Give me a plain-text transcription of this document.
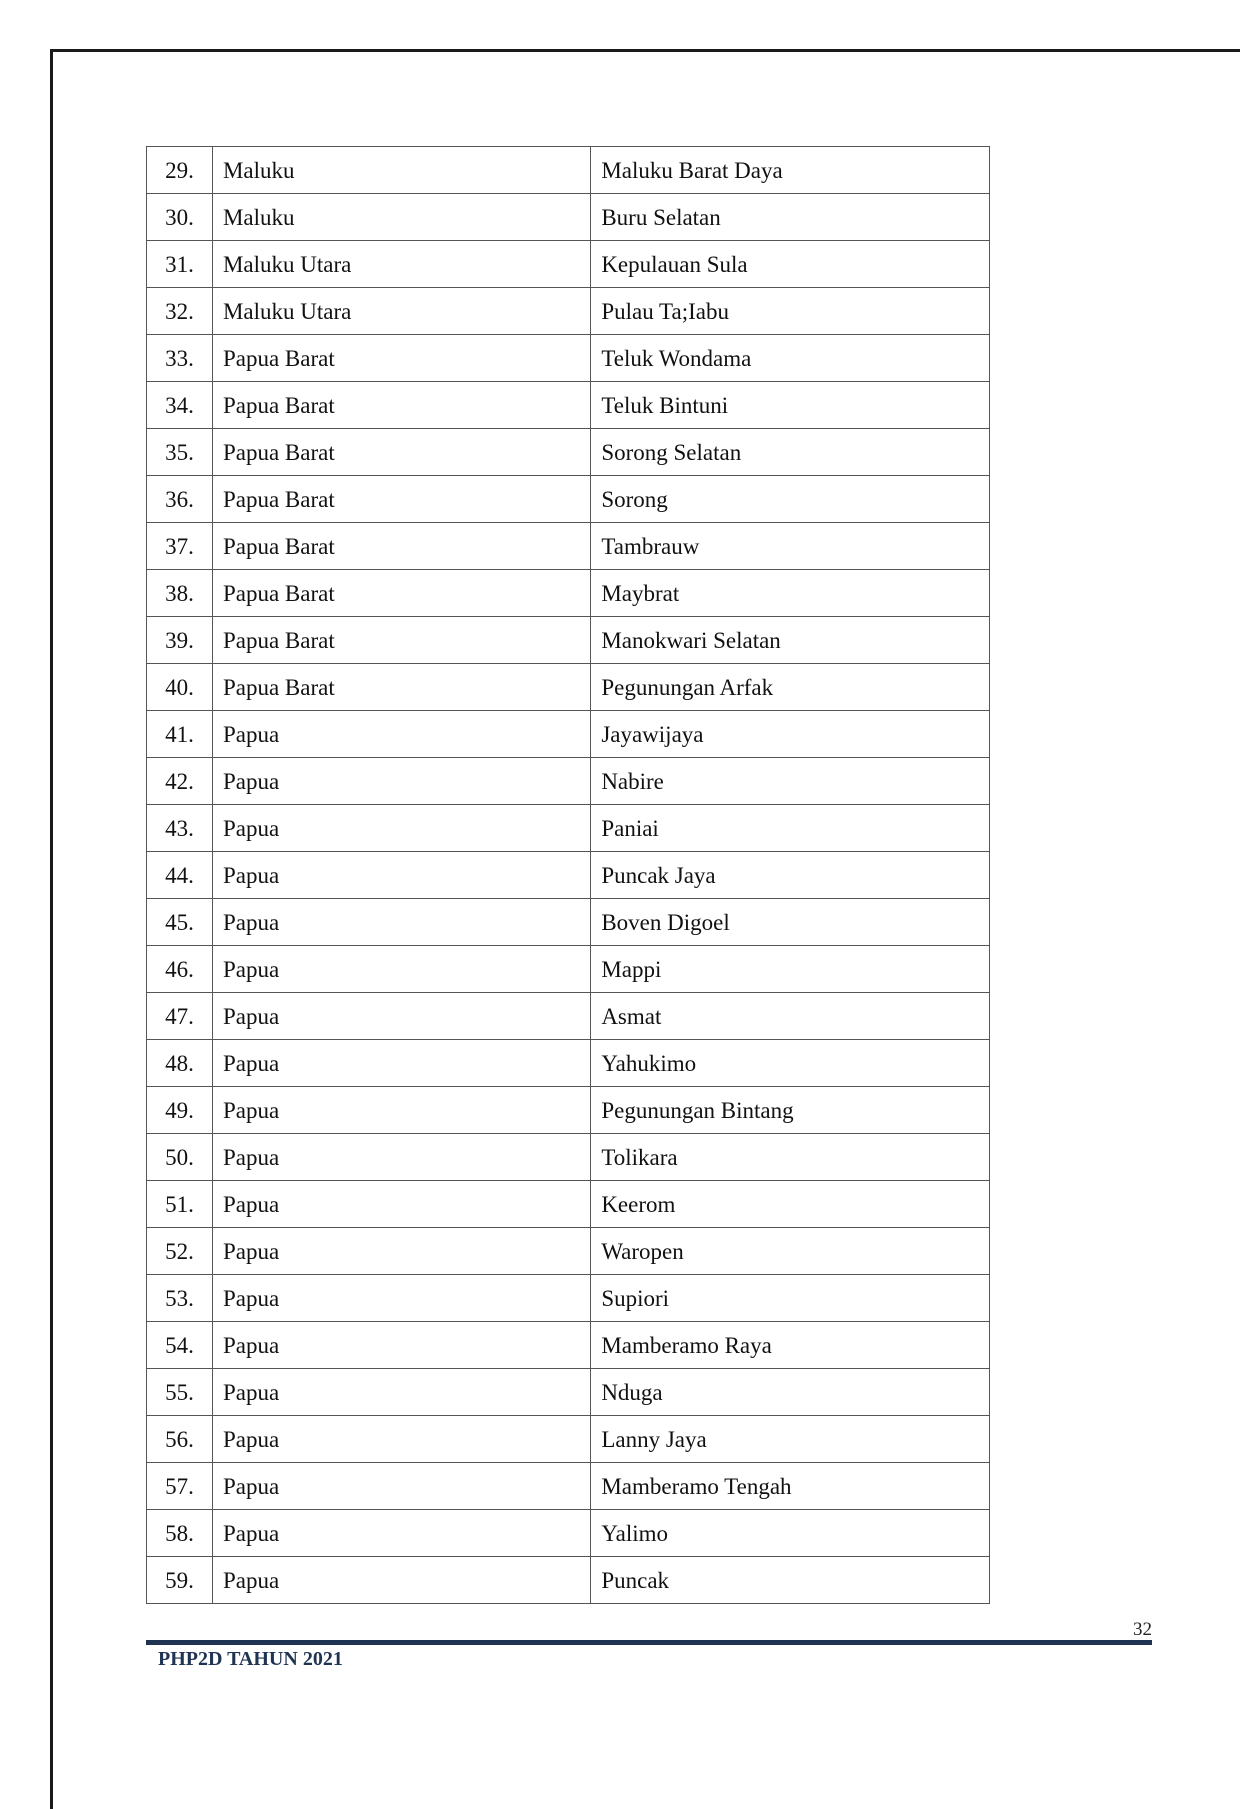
29.	Maluku	Maluku Barat Daya
30.	Maluku	Buru Selatan
31.	Maluku Utara	Kepulauan Sula
32.	Maluku Utara	Pulau Ta;Iabu
33.	Papua Barat	Teluk Wondama
34.	Papua Barat	Teluk Bintuni
35.	Papua Barat	Sorong Selatan
36.	Papua Barat	Sorong
37.	Papua Barat	Tambrauw
38.	Papua Barat	Maybrat
39.	Papua Barat	Manokwari Selatan
40.	Papua Barat	Pegunungan Arfak
41.	Papua	Jayawijaya
42.	Papua	Nabire
43.	Papua	Paniai
44.	Papua	Puncak Jaya
45.	Papua	Boven Digoel
46.	Papua	Mappi
47.	Papua	Asmat
48.	Papua	Yahukimo
49.	Papua	Pegunungan Bintang
50.	Papua	Tolikara
51.	Papua	Keerom
52.	Papua	Waropen
53.	Papua	Supiori
54.	Papua	Mamberamo Raya
55.	Papua	Nduga
56.	Papua	Lanny Jaya
57.	Papua	Mamberamo Tengah
58.	Papua	Yalimo
59.	Papua	Puncak
32
PHP2D TAHUN 2021
